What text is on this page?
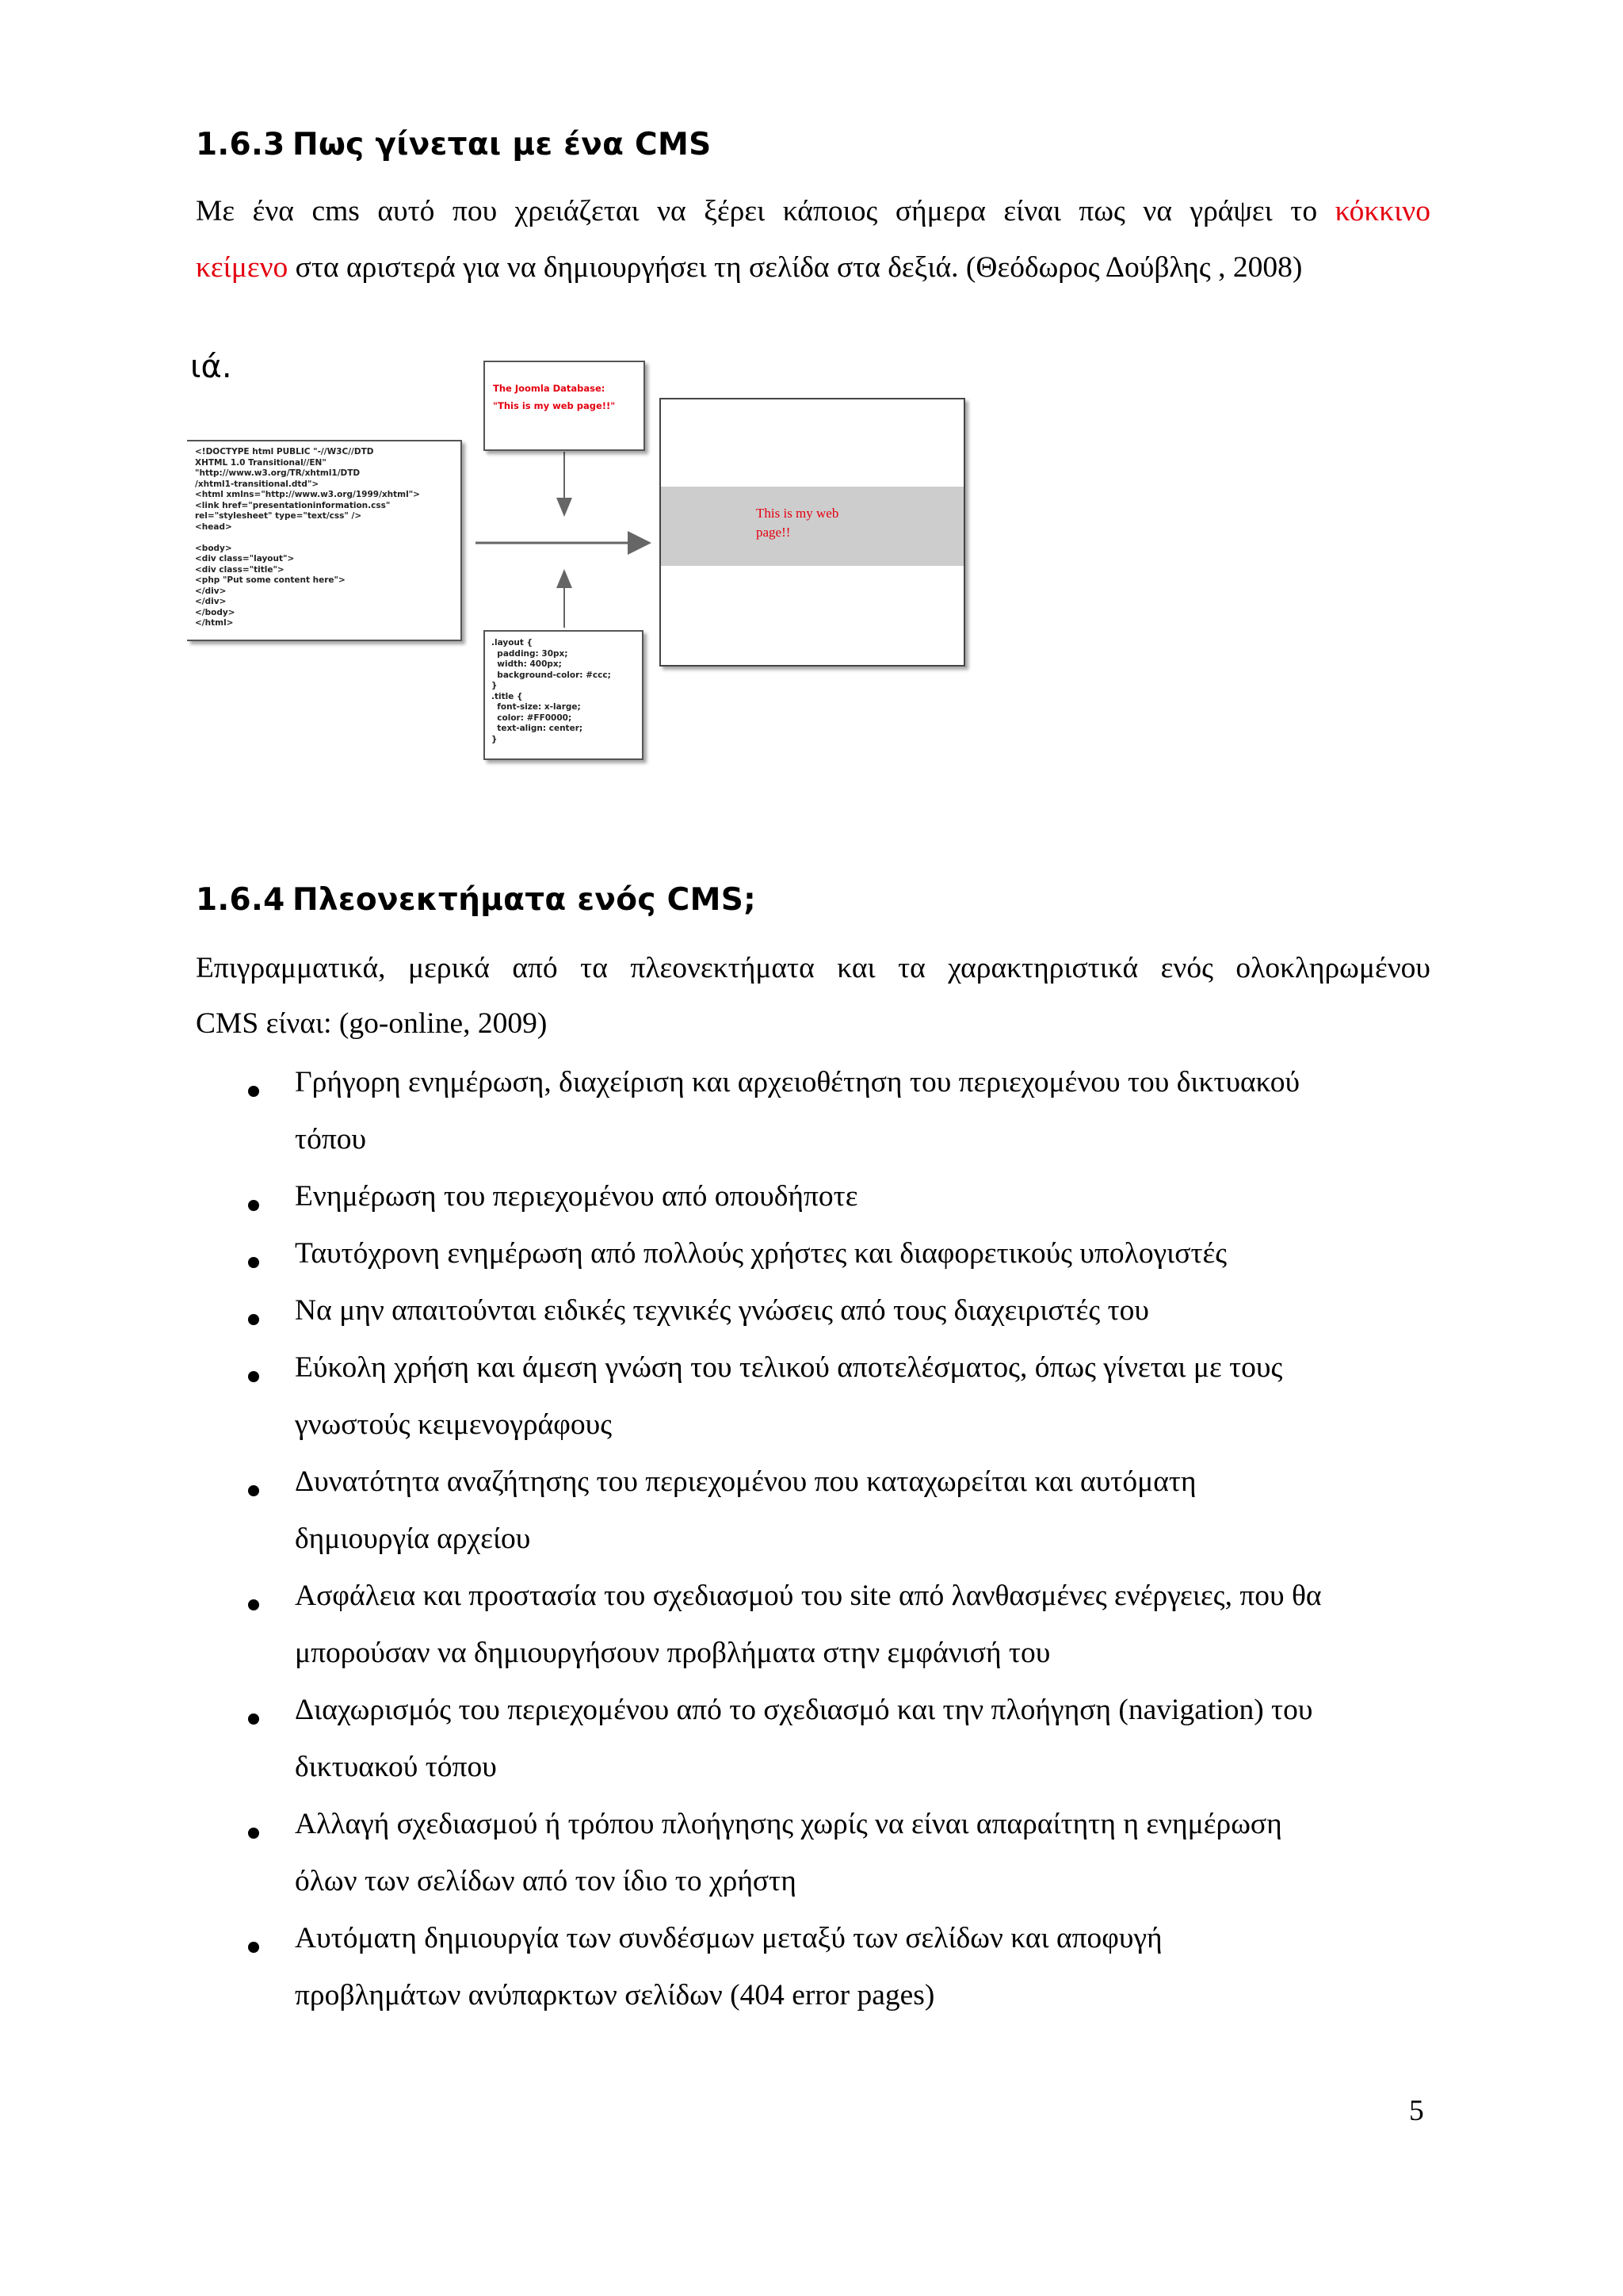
1.6.3 Πως γίνεται με ένα CMS
Με ένα cms αυτό που χρειάζεται να ξέρει κάποιος σήμερα είναι πως να γράψει το κόκκινο
κείμενο στα αριστερά για να δημιουργήσει τη σελίδα στα δεξιά. (Θεόδωρος Δούβλης , 2008)
ιά.
<!DOCTYPE html PUBLIC "-//W3C//DTD
XHTML 1.0 Transitional//EN"
"http://www.w3.org/TR/xhtml1/DTD
/xhtml1-transitional.dtd">
<html xmlns="http://www.w3.org/1999/xhtml">
<link href="presentationinformation.css"
rel="stylesheet" type="text/css" />
<head>

<body>
<div class="layout">
<div class="title">
<php "Put some content here">
</div>
</div>
</body>
</html>
The Joomla Database:
"This is my web page!!"
.layout {
padding: 30px;
width: 400px;
background-color: #ccc;
}
.title {
font-size: x-large;
color: #FF0000;
text-align: center;
}
This is my web
page!!
1.6.4 Πλεονεκτήματα ενός CMS;
Επιγραμματικά, μερικά από τα πλεονεκτήματα και τα χαρακτηριστικά ενός ολοκληρωμένου
CMS είναι: (go-online, 2009)
Γρήγορη ενημέρωση, διαχείριση και αρχειοθέτηση του περιεχομένου του δικτυακού
τόπου
Ενημέρωση του περιεχομένου από οπουδήποτε
Ταυτόχρονη ενημέρωση από πολλούς χρήστες και διαφορετικούς υπολογιστές
Να μην απαιτούνται ειδικές τεχνικές γνώσεις από τους διαχειριστές του
Εύκολη χρήση και άμεση γνώση του τελικού αποτελέσματος, όπως γίνεται με τους
γνωστούς κειμενογράφους
Δυνατότητα αναζήτησης του περιεχομένου που καταχωρείται και αυτόματη
δημιουργία αρχείου
Ασφάλεια και προστασία του σχεδιασμού του site από λανθασμένες ενέργειες, που θα
μπορούσαν να δημιουργήσουν προβλήματα στην εμφάνισή του
Διαχωρισμός του περιεχομένου από το σχεδιασμό και την πλοήγηση (navigation) του
δικτυακού τόπου
Αλλαγή σχεδιασμού ή τρόπου πλοήγησης χωρίς να είναι απαραίτητη η ενημέρωση
όλων των σελίδων από τον ίδιο το χρήστη
Αυτόματη δημιουργία των συνδέσμων μεταξύ των σελίδων και αποφυγή
προβλημάτων ανύπαρκτων σελίδων (404 error pages)
5
